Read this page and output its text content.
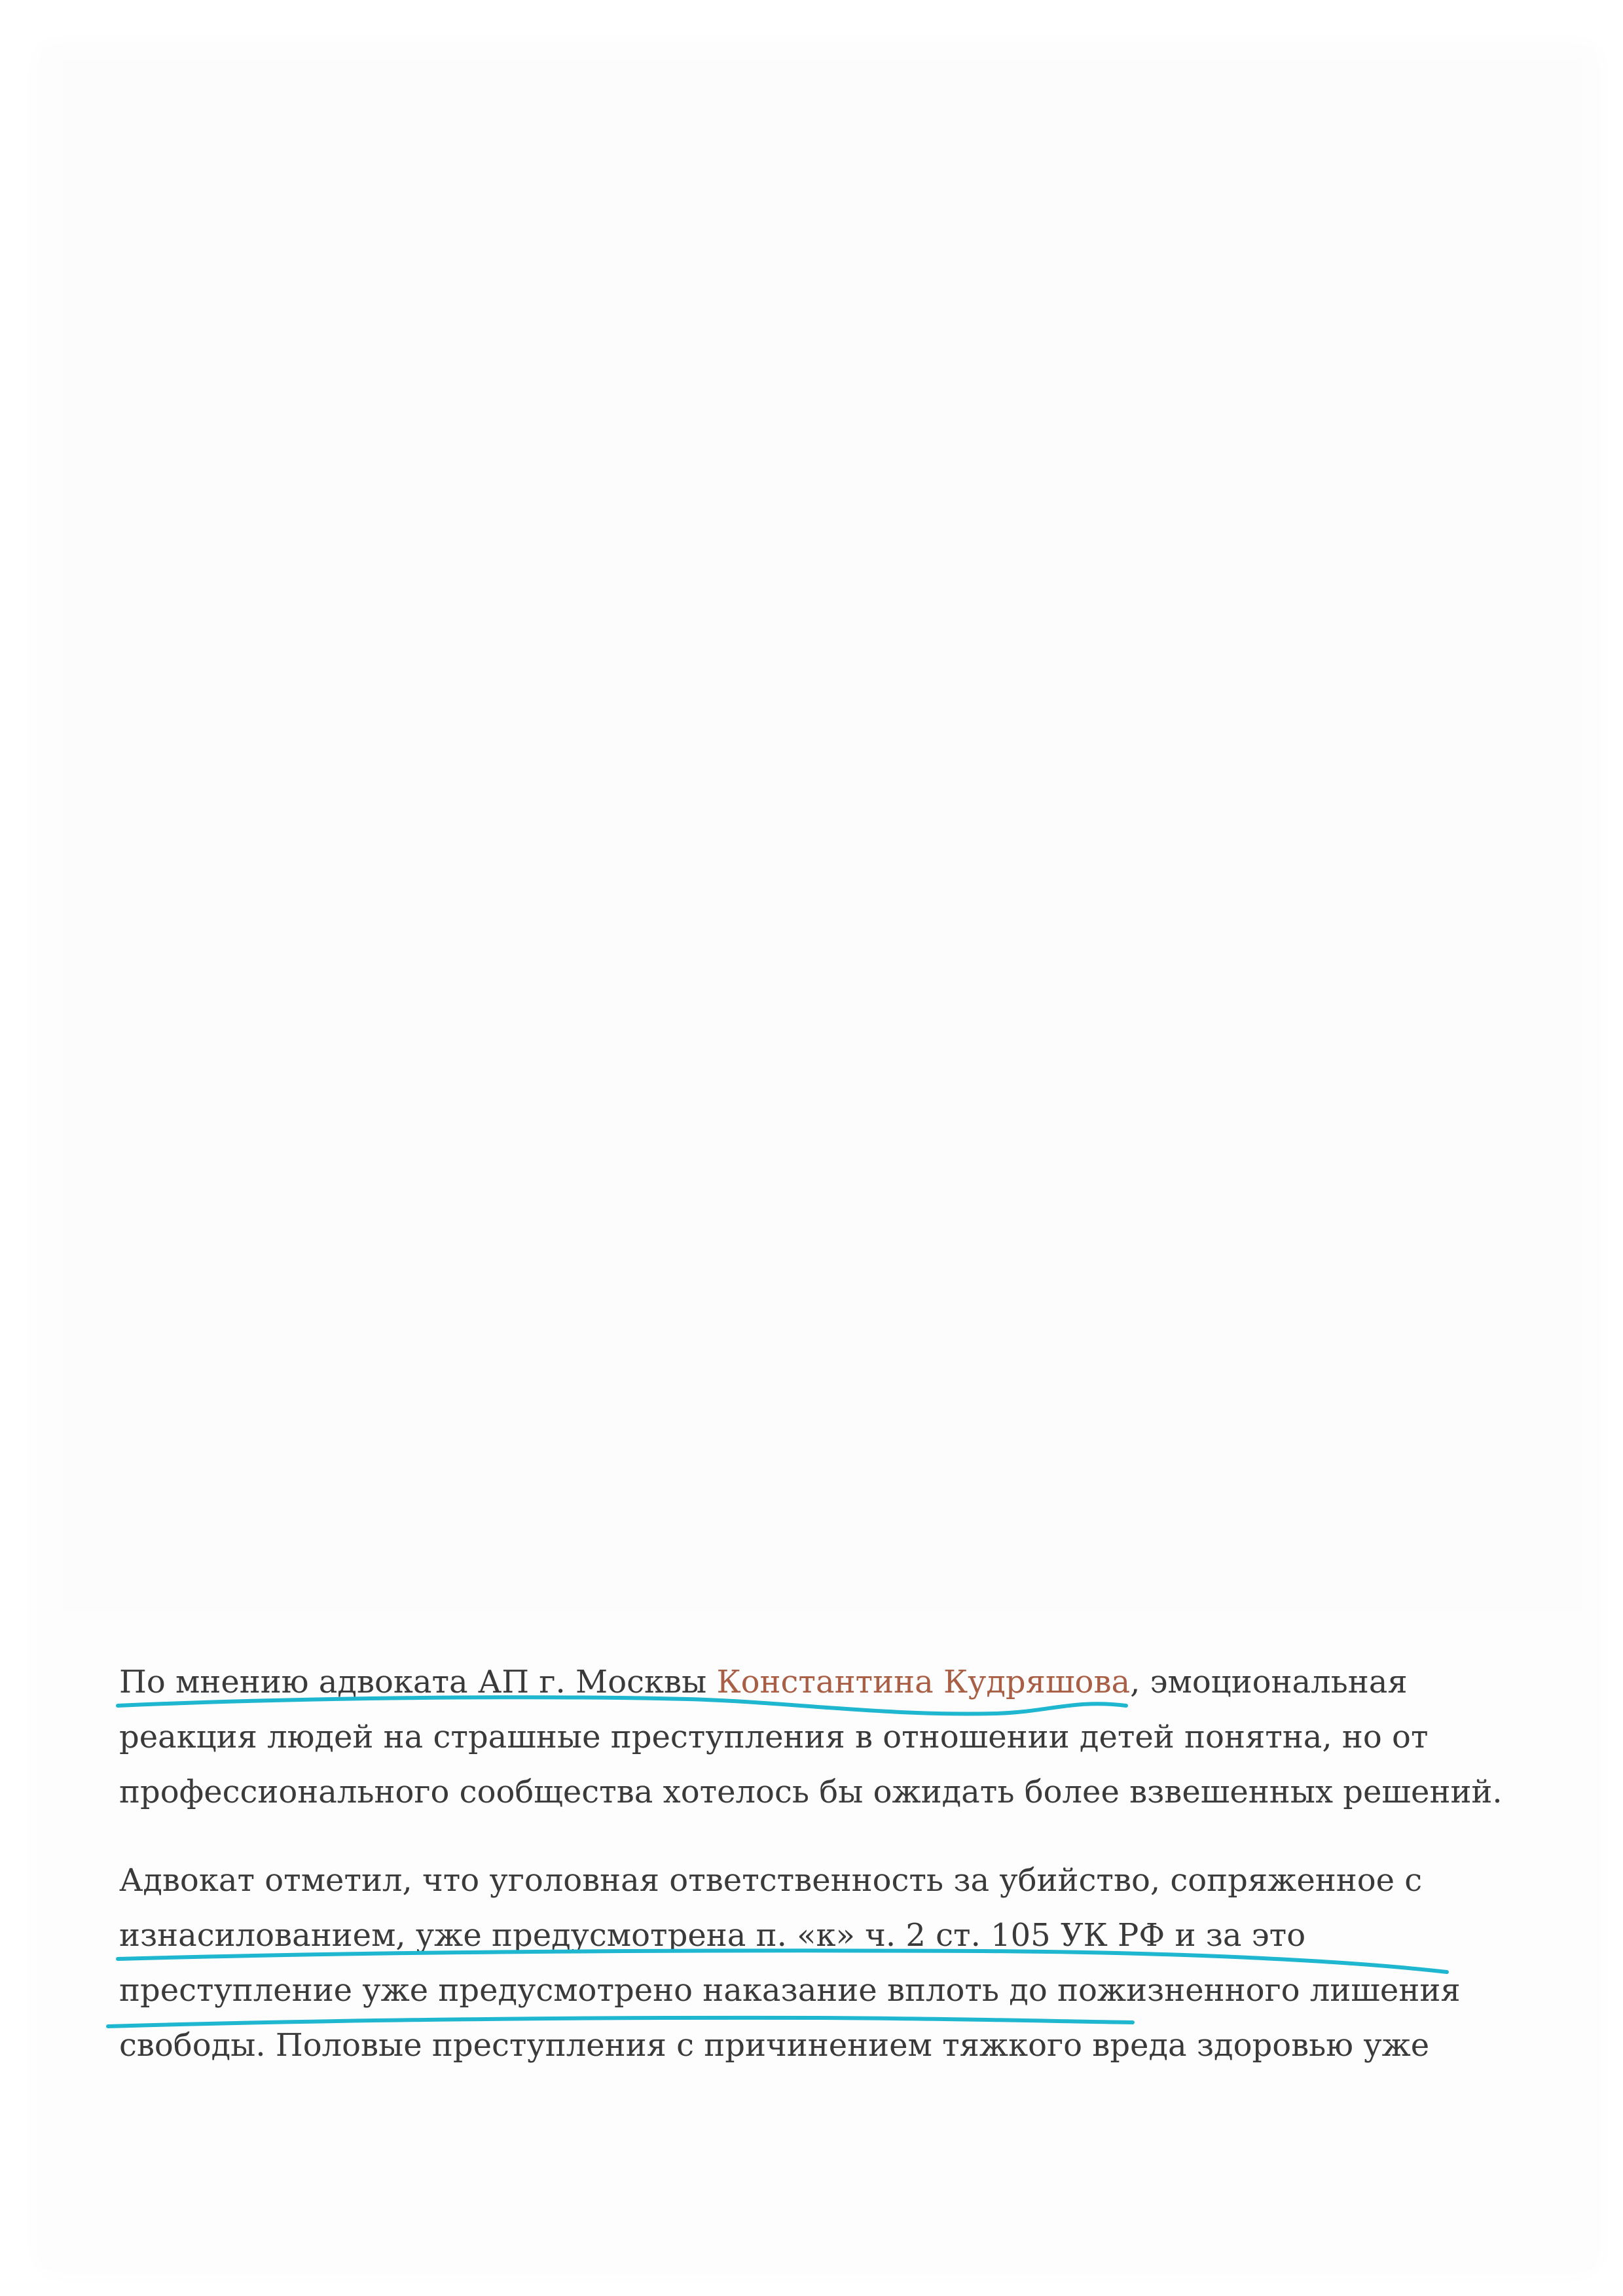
По мнению адвоката АП г. Москвы Константина Кудряшова, эмоциональная реакция людей на страшные преступления в отношении детей понятна, но от профессионального сообщества хотелось бы ожидать более взвешенных решений.

Адвокат отметил, что уголовная ответственность за убийство, сопряженное с изнасилованием, уже предусмотрена п. «к» ч. 2 ст. 105 УК РФ и за это преступление уже предусмотрено наказание вплоть до пожизненного лишения свободы. Половые преступления с причинением тяжкого вреда здоровью уже
